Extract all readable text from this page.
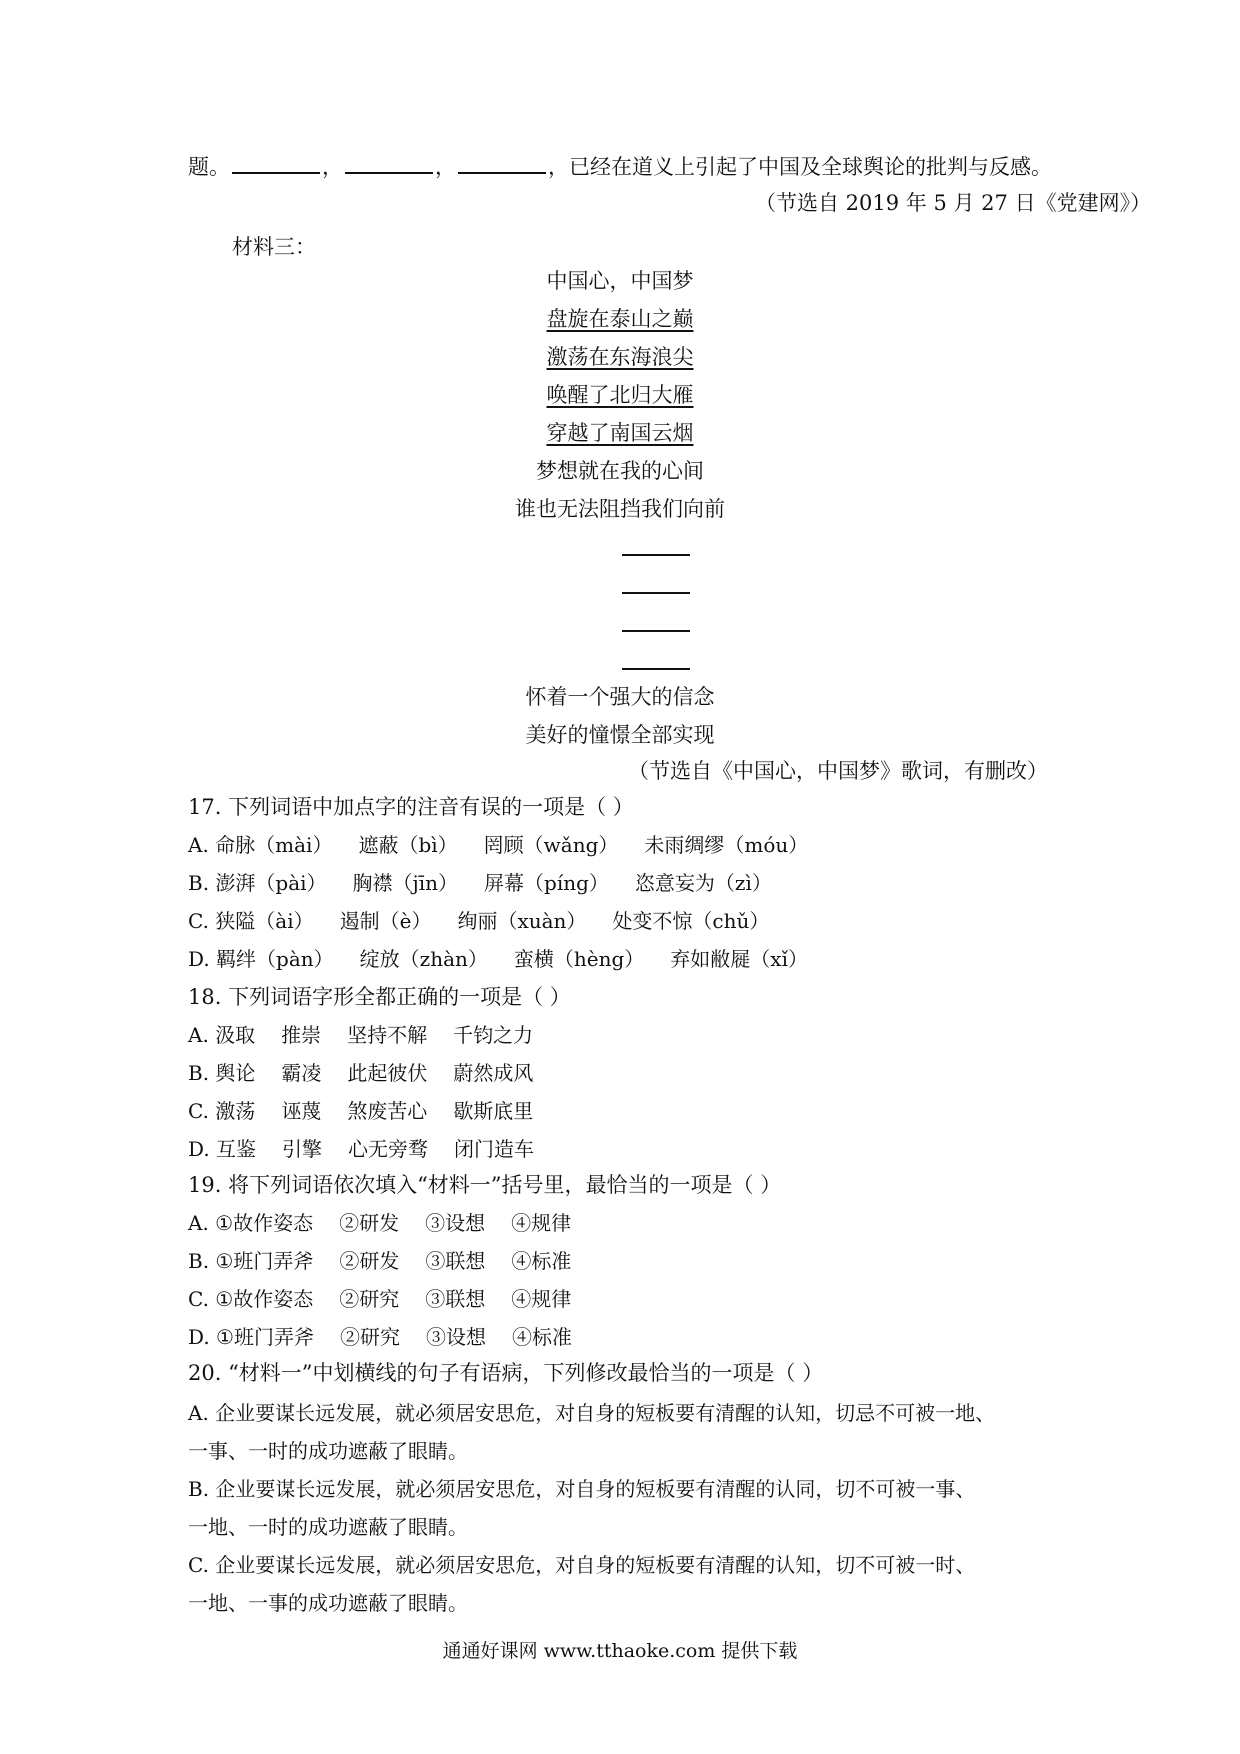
题。	，	，	，已经在道义上引起了中国及全球舆论的批判与反感。
（节选自 2019 年 5 月 27 日《党建网》）
材料三：
中国心，中国梦
盘旋在泰山之巅
激荡在东海浪尖
唤醒了北归大雁
穿越了南国云烟
梦想就在我的心间
谁也无法阻挡我们向前
怀着一个强大的信念
美好的憧憬全部实现
（节选自《中国心，中国梦》歌词，有删改）
17. 下列词语中加点字的注音有误的一项是（ ）
A. 命脉（mài） 遮蔽（bì） 罔顾（wǎng） 未雨绸缪（móu）
B. 澎湃（pài） 胸襟（jīn） 屏幕（píng） 恣意妄为（zì）
C. 狭隘（ài） 遏制（è） 绚丽（xuàn） 处变不惊（chǔ）
D. 羁绊（pàn） 绽放（zhàn） 蛮横（hèng） 弃如敝屣（xǐ）
18. 下列词语字形全都正确的一项是（ ）
A. 汲取 推崇 坚持不解 千钧之力
B. 舆论 霸凌 此起彼伏 蔚然成风
C. 激荡 诬蔑 煞废苦心 歇斯底里
D. 互鉴 引擎 心无旁骛 闭门造车
19. 将下列词语依次填入“材料一”括号里，最恰当的一项是（ ）
A. ①故作姿态 ②研发 ③设想 ④规律
B. ①班门弄斧 ②研发 ③联想 ④标准
C. ①故作姿态 ②研究 ③联想 ④规律
D. ①班门弄斧 ②研究 ③设想 ④标准
20. “材料一”中划横线的句子有语病，下列修改最恰当的一项是（ ）
A. 企业要谋长远发展，就必须居安思危，对自身的短板要有清醒的认知，切忌不可被一地、
一事、一时的成功遮蔽了眼睛。
B. 企业要谋长远发展，就必须居安思危，对自身的短板要有清醒的认同，切不可被一事、
一地、一时的成功遮蔽了眼睛。
C. 企业要谋长远发展，就必须居安思危，对自身的短板要有清醒的认知，切不可被一时、
一地、一事的成功遮蔽了眼睛。
通通好课网 www.tthaoke.com 提供下载
